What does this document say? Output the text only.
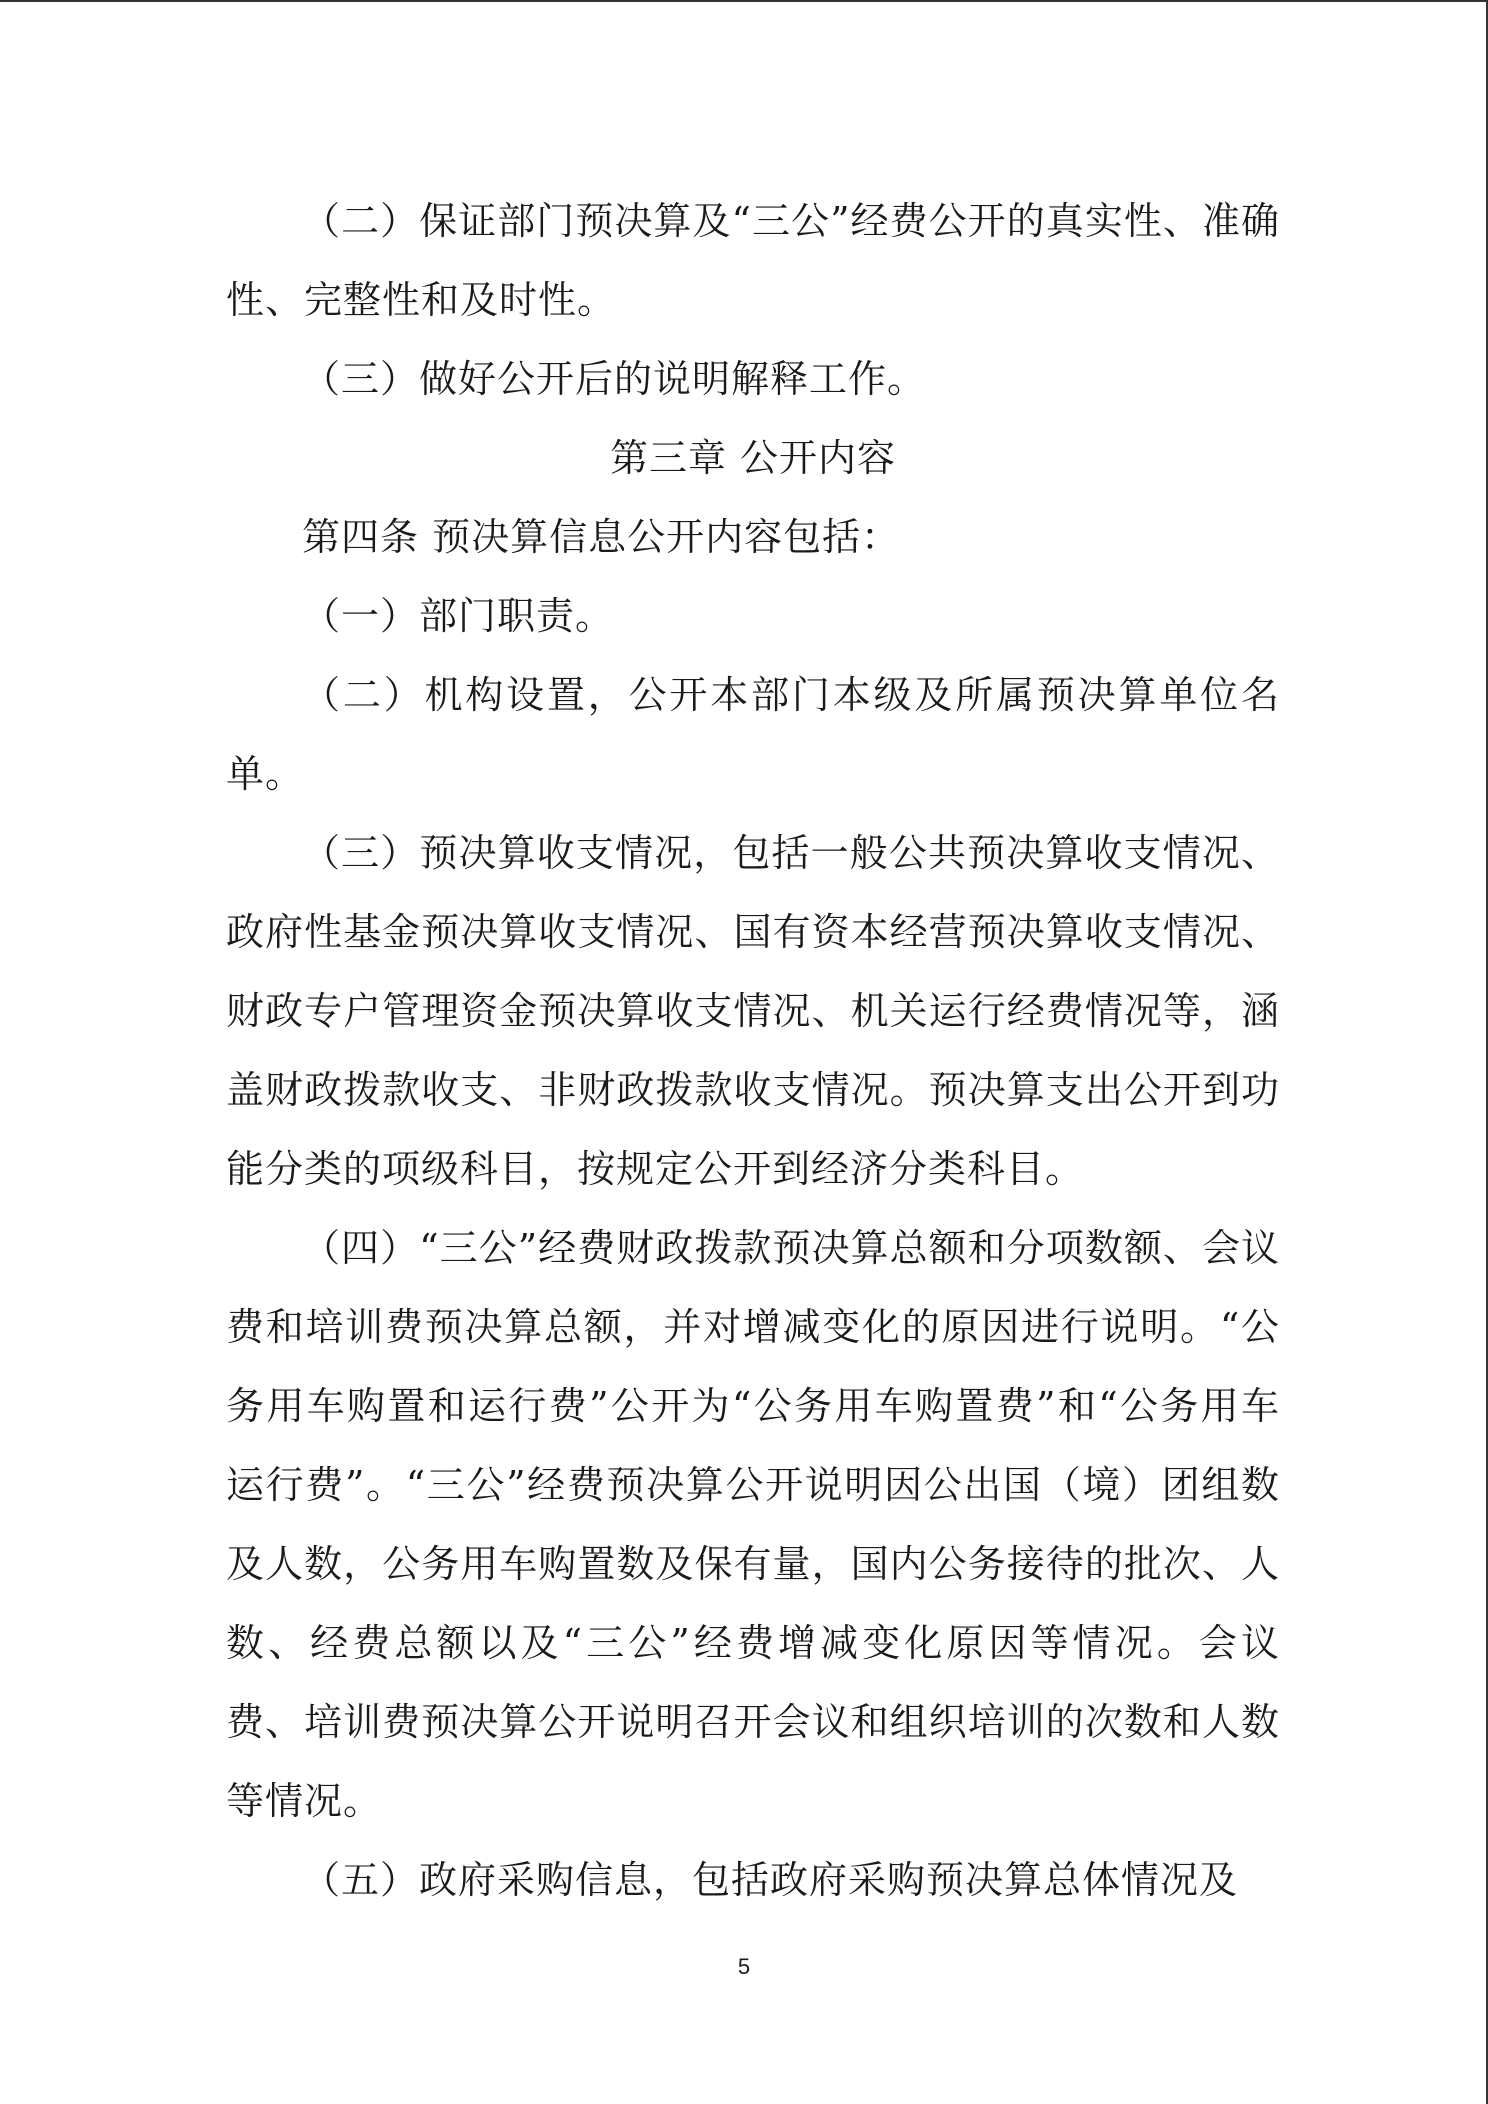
（二）保证部门预决算及“三公”经费公开的真实性、准确性、完整性和及时性。

（三）做好公开后的说明解释工作。

第三章 公开内容

第四条 预决算信息公开内容包括：

（一）部门职责。

（二）机构设置，公开本部门本级及所属预决算单位名单。

（三）预决算收支情况，包括一般公共预决算收支情况、政府性基金预决算收支情况、国有资本经营预决算收支情况、财政专户管理资金预决算收支情况、机关运行经费情况等，涵盖财政拨款收支、非财政拨款收支情况。预决算支出公开到功能分类的项级科目，按规定公开到经济分类科目。

（四）“三公”经费财政拨款预决算总额和分项数额、会议费和培训费预决算总额，并对增减变化的原因进行说明。“公务用车购置和运行费”公开为“公务用车购置费”和“公务用车运行费”。“三公”经费预决算公开说明因公出国（境）团组数及人数，公务用车购置数及保有量，国内公务接待的批次、人数、经费总额以及“三公”经费增减变化原因等情况。会议费、培训费预决算公开说明召开会议和组织培训的次数和人数等情况。

（五）政府采购信息，包括政府采购预决算总体情况及

5
